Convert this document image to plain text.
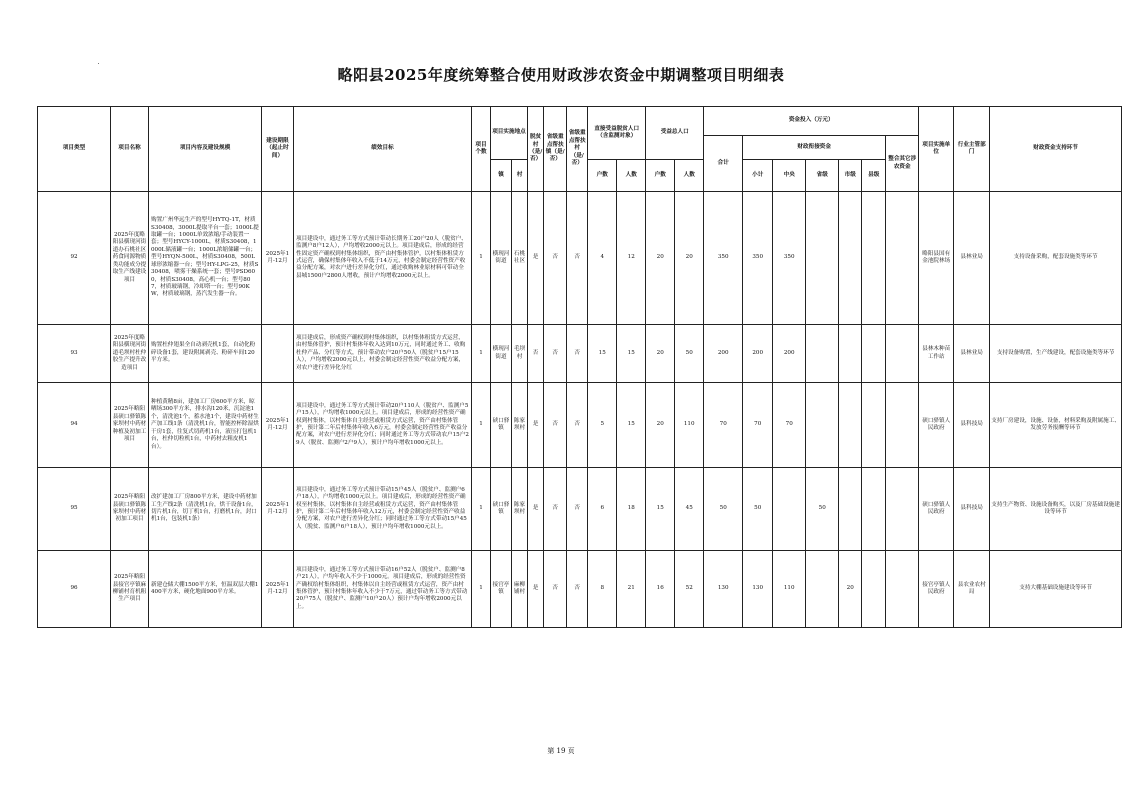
略阳县2025年度统筹整合使用财政涉农资金中期调整项目明细表
项目类型	项目名称	项目内容及建设规模	建设期限（起止时间）	绩效目标	项目个数	项目实施地点		脱贫村（是/否）	省级重点帮扶镇（是/否）	省级重点帮扶村（是/否）	直接受益脱贫人口（含监测对象）		受益总人口		资金投入（万元）							项目实施单位	行业主管部门	财政资金支持环节
															合计	财政衔接资金					整合其它涉农资金			
						镇	村				户数	人数	户数	人数		小计	中央	省级	市级	县级				
92	2025年度略阳县横现河街道办石桃社区药食同源物质类功能成分提取生产线建设项目	购置广州华远生产的型号HYTQ-1T，材质S30408，3000L提取平台一套；1000L提取罐一台；1000L单效浓缩/手动装置一套；型号HYCY-1000L，材质S30408，1000L储液罐一台；1000L浓缩储罐一台；型号HYQN-500L，材质S30408，500L球形浓缩器一台；型号HY-LPG-25，材质S30408，喷雾干燥系统一套；型号PSD600，材质S30408，高心机一台；型号807，材质玻璃钢，冷却塔一台；型号90KW，材质玻璃钢，蒸汽发生器一台。	2025年1月-12月	项目建设中，通过务工等方式预计带动长期务工20户20人（脱贫户、监测户8户12人），户均增收2000元以上。项目建成后，形成的经营性固定资产确权到村集体组织，资产由村集体管护，以村集体租赁方式运营，确保村集体年收入不低于14万元，村委会制定经营性资产收益分配方案，对农户进行差异化分红，通过收购林业原材料可带动全县城1500户2800人增收，预计户均增收2000元以上。	1	横现河街道	石桃社区	是	否	否	4	12	20	20	350	350	350					略阳县国有金池院林场	县林业局	支持设备采购，配套设施类等环节
93	2025年度略阳县横现河街道毛坝村杜仲胶生产提升改造项目	购置杜仲翅果全自动剥壳机1套，自动化粉碎设备1套，建设附属剥壳、粉碎车间120平方米。		项目建成后，形成资产确权到村集体组织，以村集体租赁方式运营，由村集体管护，预计村集体年收入达到10万元，同时通过务工、收购杜仲产品、分红等方式，预计带动农户20户50人（脱贫户15户15人），户均增收2000元以上，村委会制定经营性资产收益分配方案，对农户进行差异化分红	1	横现河街道	毛坝村	否	否	否	15	15	20	50	200	200	200					县林木种苗工作站	县林业局	支持设备购置，生产线建设，配套设施类等环节
94	2025年略阳县硖口驿镇陈家坝村中药材种植及初加工项目	种植黄精8亩，建加工厂房600平方米，晾晒场300平方米，排水沟120米，沉淀池1个，清洗池1个，蓄水池1个，建设中药材生产加工线1条（清洗机1台，智能控杯除湿烘干房1套，往复式切药机1台，液压打包机1台，杜仲切粒机1台，中药材去粗皮机1台）。	2025年1月-12月	项目建设中，通过务工等方式预计带动20户110人（脱贫户、监测户5户15人），户均增收1000元以上。项目建成后，形成的经营性资产确权到村集体，以村集体自主经营或租赁方式运营，资产由村集体管护，预计第二年后村集体年收入6万元，村委会制定经营性资产收益分配方案，对农户进行差异化分红；同时通过务工等方式带动农户15户29人（脱贫、监测户2户9人），预计户均年增收1000元以上。	1	硖口驿镇	陈家坝村	是	否	否	5	15	20	110	70	70	70					硖口驿镇人民政府	县科技局	支持厂房建设，设施、设备，材料采购及附属施工、发放劳务报酬等环节
95	2025年略阳县硖口驿镇陈家坝村中药材初加工项目	改扩建加工厂房800平方米，建设中药材加工生产线2条（清洗机1台，烘干设备1台，切片机1台，切丁机1台，打磨机1台，封口机1台，包装机1条）	2025年1月-12月	项目建设中，通过务工等方式预计带动15户45人（脱贫户、监测户6户18人），户均增收1000元以上。项目建成后，形成的经营性资产确权至村集体，以村集体自主经营或租赁方式运营，资产由村集体管护，预计第二年后村集体年收入12万元，村委会制定经营性资产收益分配方案，对农户进行差异化分红；同时通过务工等方式带动15户45人（脱贫、监测户6户18人），预计户均年增收1000元以上。	1	硖口驿镇	陈家坝村	是	否	否	6	18	15	45	50	50		50				硖口驿镇人民政府	县科技局	支持生产物资、设施设备购买，以及厂房基础设施建设等环节
96	2025年略阳县接官亭镇麻柳铺村育机粗生产项目	新建仓储大棚1500平方米，恒温双层大棚1400平方米，硬化地面900平方米。	2025年1月-12月	项目建设中，通过务工等方式预计带动16户52人（脱贫户、监测户8户21人），户均年收入不少于1000元。项目建成后，形成的经营性资产确权给村集体组织，村集体以自主经营或租赁方式运营，资产由村集体管护，预计村集体年收入不少于7万元，通过带动务工等方式带动20户75人（脱贫户、监测户10户20人）预计户均年增收2000元以上。	1	接官亭镇	麻柳铺村	是	否	否	8	21	16	52	130	130	110		20			接官亭镇人民政府	县农业农村局	支持大棚基础设施建设等环节
第 19 页
